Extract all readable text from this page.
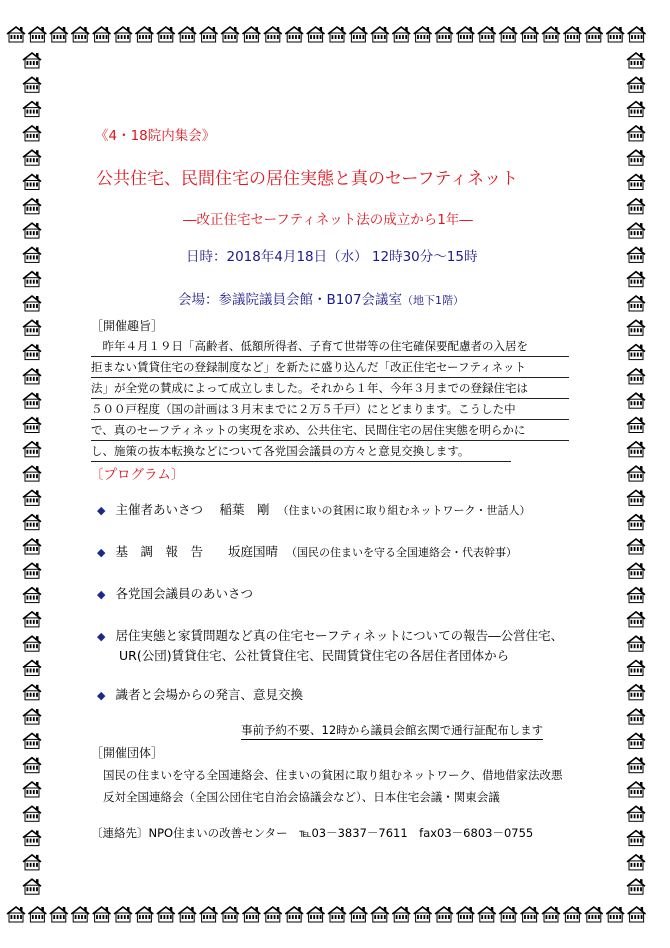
《4・18院内集会》
公共住宅、民間住宅の居住実態と真のセーフティネット
―改正住宅セーフティネット法の成立から1年―
日時：2018年4月18日（水） 12時30分～15時
会場：参議院議員会館・B107会議室（地下1階）
［開催趣旨］
　昨年４月１９日「高齢者、低額所得者、子育て世帯等の住宅確保要配慮者の入居を
拒まない賃貸住宅の登録制度など」を新たに盛り込んだ「改正住宅セーフティネット
法」が全党の賛成によって成立しました。それから１年、今年３月までの登録住宅は
５００戸程度（国の計画は３月末までに２万５千戸）にとどまります。こうした中
で、真のセーフティネットの実現を求め、公共住宅、民間住宅の居住実態を明らかに
し、施策の抜本転換などについて各党国会議員の方々と意見交換します。
〔プログラム〕
◆ 主催者あいさつ　 稲葉　剛 （住まいの貧困に取り組むネットワーク・世話人）
◆ 基　調　報　告　　坂庭国晴 （国民の住まいを守る全国連絡会・代表幹事）
◆ 各党国会議員のあいさつ
◆ 居住実態と家賃問題など真の住宅セーフティネットについての報告―公営住宅、
UR(公団)賃貸住宅、公社賃貸住宅、民間賃貸住宅の各居住者団体から
◆ 識者と会場からの発言、意見交換
事前予約不要、12時から議員会館玄関で通行証配布します
［開催団体］
国民の住まいを守る全国連絡会、住まいの貧困に取り組むネットワーク、借地借家法改悪
反対全国連絡会（全国公団住宅自治会協議会など）、日本住宅会議・関東会議
〔連絡先〕NPO住まいの改善センター　℡03－3837－7611　fax03－6803－0755
